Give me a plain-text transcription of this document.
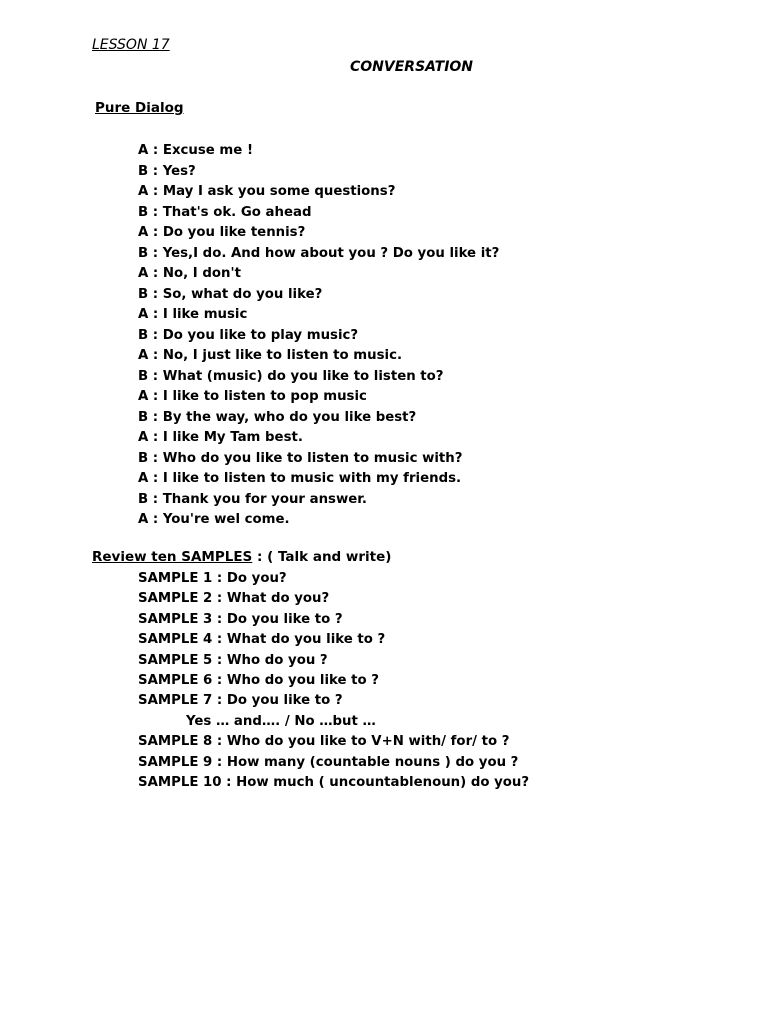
LESSON 17
CONVERSATION
Pure Dialog
A : Excuse me !
B : Yes?
A : May I ask you some questions?
B : That's ok. Go ahead
A : Do you like tennis?
B : Yes,I do. And how about you ? Do you like it?
A : No, I don't
B : So, what do you like?
A : I like music
B : Do you like to play music?
A : No, I just like to listen to music.
B : What (music) do you like to listen to?
A : I like to listen to pop music
B : By the way, who do you like best?
A : I like My Tam best.
B : Who do you like to listen to music with?
A : I like to listen to music with my friends.
B : Thank you for your answer.
A : You're wel come.
Review ten SAMPLES : ( Talk and write)
SAMPLE 1 : Do you?
SAMPLE 2 : What do you?
SAMPLE 3 : Do you like to ?
SAMPLE 4 : What do you like to ?
SAMPLE 5 : Who do you ?
SAMPLE 6 : Who do you like to ?
SAMPLE 7 : Do you like to ?
Yes … and…. / No …but …
SAMPLE 8 : Who do you like to V+N with/ for/ to ?
SAMPLE 9 : How many (countable nouns ) do you ?
SAMPLE 10 : How much ( uncountablenoun) do you?
